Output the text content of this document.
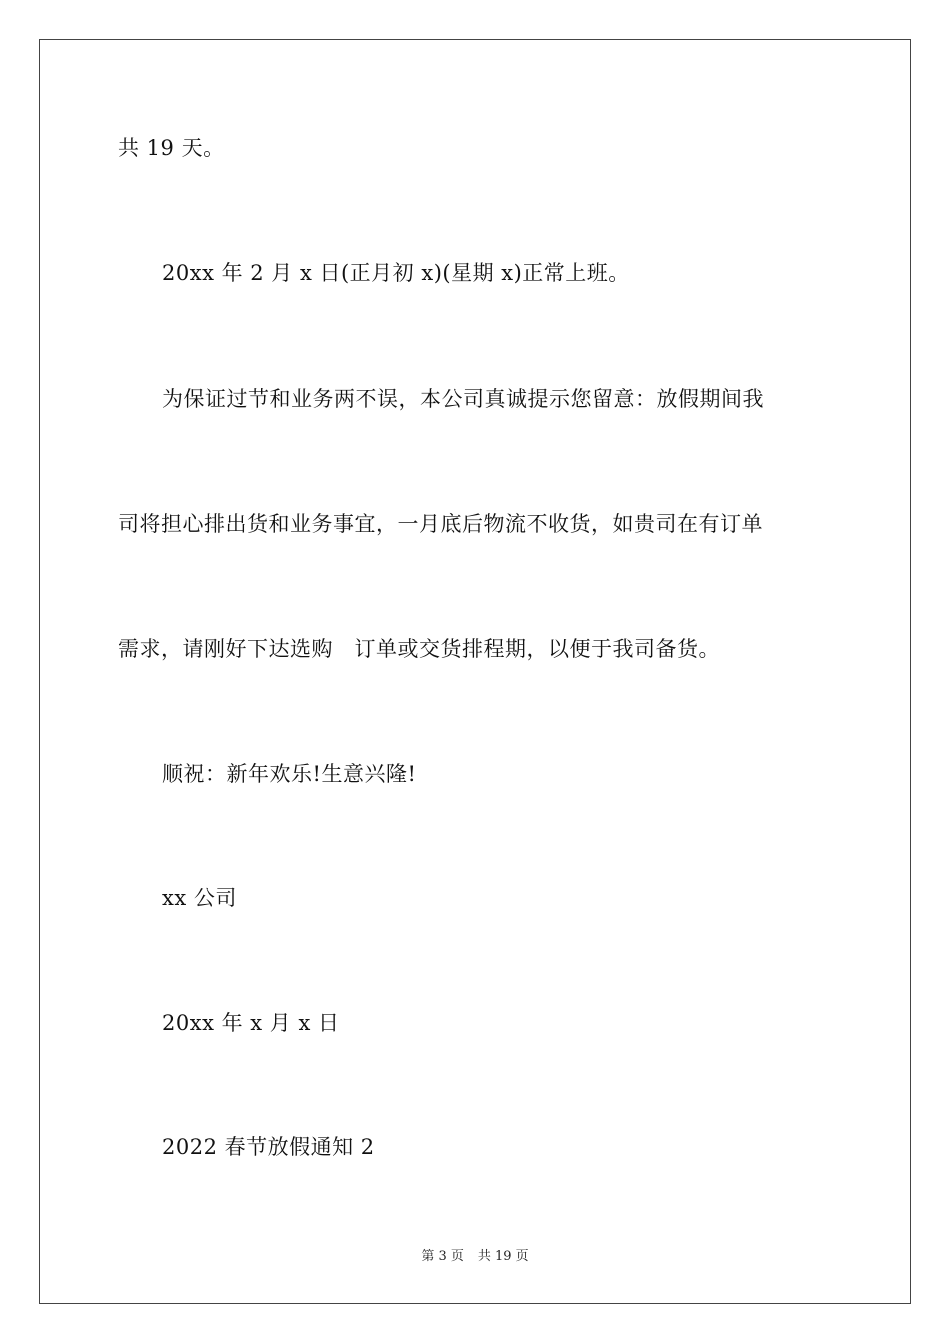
共 19 天。
20xx 年 2 月 x 日(正月初 x)(星期 x)正常上班。
为保证过节和业务两不误，本公司真诚提示您留意：放假期间我
司将担心排出货和业务事宜，一月底后物流不收货，如贵司在有订单
需求，请刚好下达选购　订单或交货排程期，以便于我司备货。
顺祝：新年欢乐!生意兴隆!
xx 公司
20xx 年 x 月 x 日
2022 春节放假通知 2
第 3 页 共 19 页
